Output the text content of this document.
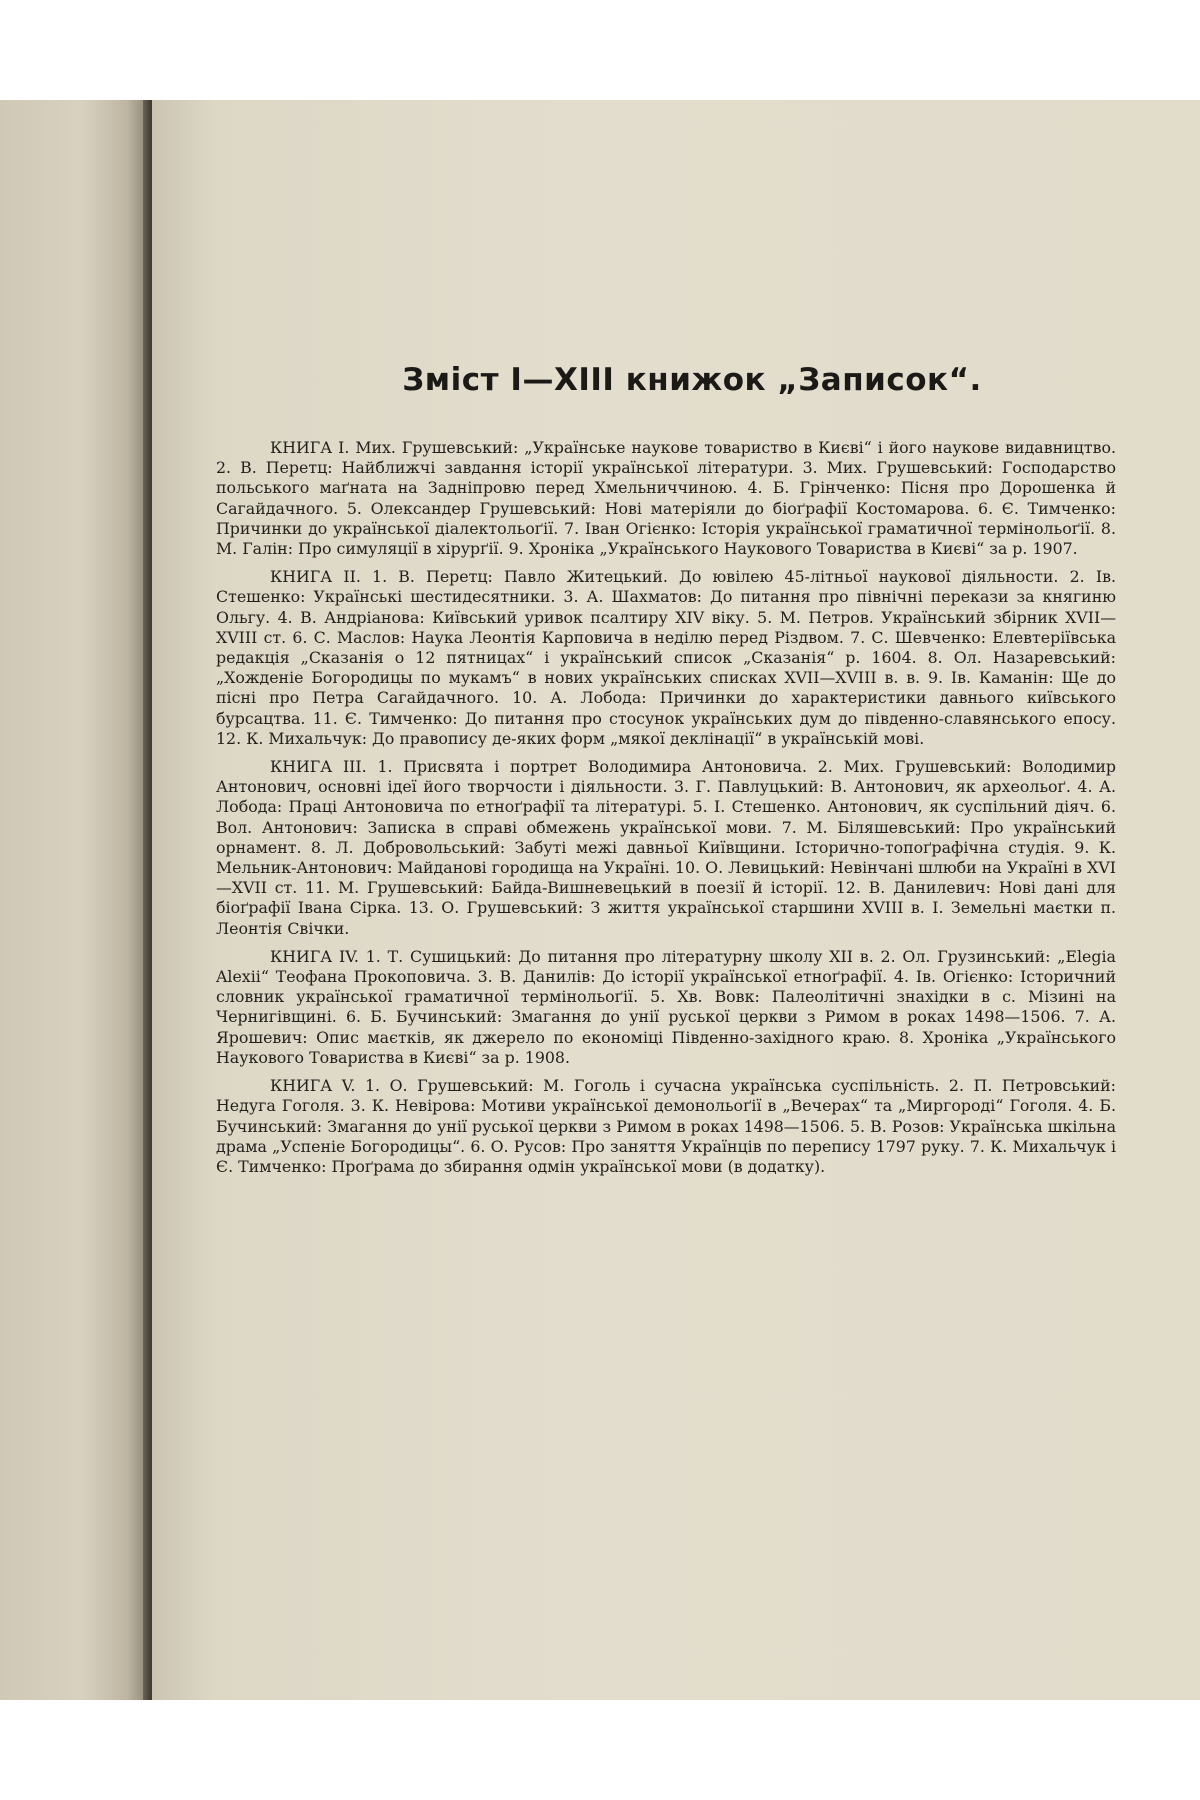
Зміст I—XIII книжок „Записок“.

КНИГА I. Мих. Грушевський: „Українське наукове товариство в Києві“ і його наукове видавництво. 2. В. Перетц: Найближчі завдання історії української літератури. 3. Мих. Грушевський: Господарство польського маґната на Задніпровю перед Хмельниччиною. 4. Б. Грінченко: Пісня про Дорошенка й Сагайдачного. 5. Олександер Грушевський: Нові матеріяли до біоґрафії Костомарова. 6. Є. Тимченко: Причинки до української діалектольоґії. 7. Іван Огієнко: Історія української граматичної термінольоґії. 8. М. Галін: Про симуляції в хірурґії. 9. Хроніка „Українського Наукового Товариства в Києві“ за р. 1907.

КНИГА II. 1. В. Перетц: Павло Житецький. До ювілею 45-літньої наукової діяльности. 2. Ів. Стешенко: Українські шестидесятники. 3. А. Шахматов: До питання про північні перекази за княгиню Ольгу. 4. В. Андріанова: Київський уривок псалтиру XIV віку. 5. М. Петров. Український збірник XVII—XVIII ст. 6. С. Маслов: Наука Леонтія Карповича в неділю перед Різдвом. 7. С. Шевченко: Елевтеріївська редакція „Сказанія о 12 пятницах“ і український список „Сказанія“ р. 1604. 8. Ол. Назаревський: „Хожденіе Богородицы по мукамъ“ в нових українських списках XVII—XVIII в. в. 9. Ів. Каманін: Ще до пісні про Петра Сагайдачного. 10. А. Лобода: Причинки до характеристики давнього київського бурсацтва. 11. Є. Тимченко: До питання про стосунок українських дум до південно-славянського епосу. 12. К. Михальчук: До правопису де-яких форм „мякої деклінації“ в українській мові.

КНИГА III. 1. Присвята і портрет Володимира Антоновича. 2. Мих. Грушевський: Володимир Антонович, основні ідеї його творчости і діяльности. 3. Г. Павлуцький: В. Антонович, як археольоґ. 4. А. Лобода: Праці Антоновича по етноґрафії та літературі. 5. І. Стешенко. Антонович, як суспільний діяч. 6. Вол. Антонович: Записка в справі обмежень української мови. 7. М. Біляшевський: Про український орнамент. 8. Л. Добровольський: Забуті межі давньої Київщини. Історично-топоґрафічна студія. 9. К. Мельник-Антонович: Майданові городища на Україні. 10. О. Левицький: Невінчані шлюби на Україні в XVI—XVII ст. 11. М. Грушевський: Байда-Вишневецький в поезії й історії. 12. В. Данилевич: Нові дані для біоґрафії Івана Сірка. 13. О. Грушевський: З життя української старшини XVIII в. I. Земельні маєтки п. Леонтія Свічки.

КНИГА IV. 1. Т. Сушицький: До питання про літературну школу XII в. 2. Ол. Грузинський: „Elegia Alexii“ Теофана Прокоповича. 3. В. Данилів: До історії української етноґрафії. 4. Ів. Огієнко: Історичний словник української граматичної термінольоґії. 5. Хв. Вовк: Палеолітичні знахідки в с. Мізині на Чернигівщині. 6. Б. Бучинський: Змагання до унії руської церкви з Римом в роках 1498—1506. 7. А. Ярошевич: Опис маєтків, як джерело по економіці Південно-західного краю. 8. Хроніка „Українського Наукового Товариства в Києві“ за р. 1908.

КНИГА V. 1. О. Грушевський: М. Гоголь і сучасна українська суспільність. 2. П. Петровський: Недуга Гоголя. 3. К. Невірова: Мотиви української демонольоґії в „Вечерах“ та „Миргороді“ Гоголя. 4. Б. Бучинський: Змагання до унії руської церкви з Римом в роках 1498—1506. 5. В. Розов: Українська шкільна драма „Успеніе Богородицы“. 6. О. Русов: Про заняття Українців по перепису 1797 руку. 7. К. Михальчук і Є. Тимченко: Проґрама до збирання одмін української мови (в додатку).
